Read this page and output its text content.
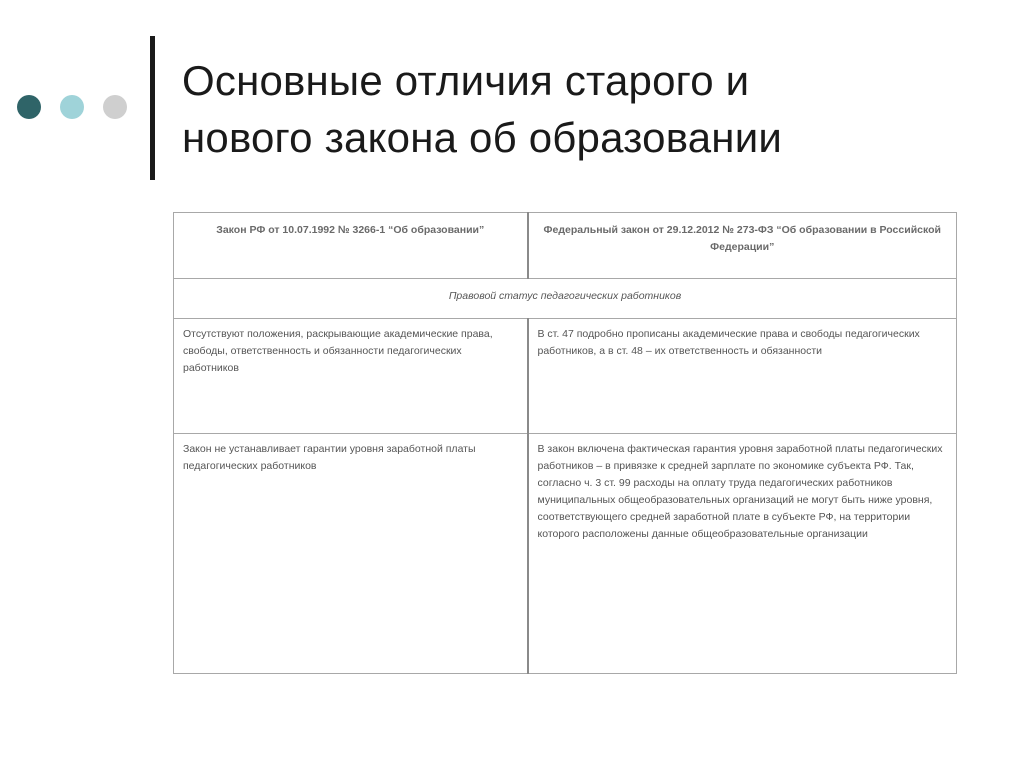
Основные отличия старого и
нового закона об образовании
Закон РФ от 10.07.1992 № 3266-1 “Об образовании”	Федеральный закон от 29.12.2012 № 273-ФЗ “Об образовании в Российской Федерации”
Правовой статус педагогических работников	
Отсутствуют положения, раскрывающие академические права, свободы, ответственность и обязанности педагогических работников	В ст. 47 подробно прописаны академические права и свободы педагогических работников, а в ст. 48 – их ответственность и обязанности
Закон не устанавливает гарантии уровня заработной платы педагогических работников	В закон включена фактическая гарантия уровня заработной платы педагогических работников – в привязке к средней зарплате по экономике субъекта РФ. Так, согласно ч. 3 ст. 99 расходы на оплату труда педагогических работников муниципальных общеобразовательных организаций не могут быть ниже уровня, соответствующего средней заработной плате в субъекте РФ, на территории которого расположены данные общеобразовательные организации
